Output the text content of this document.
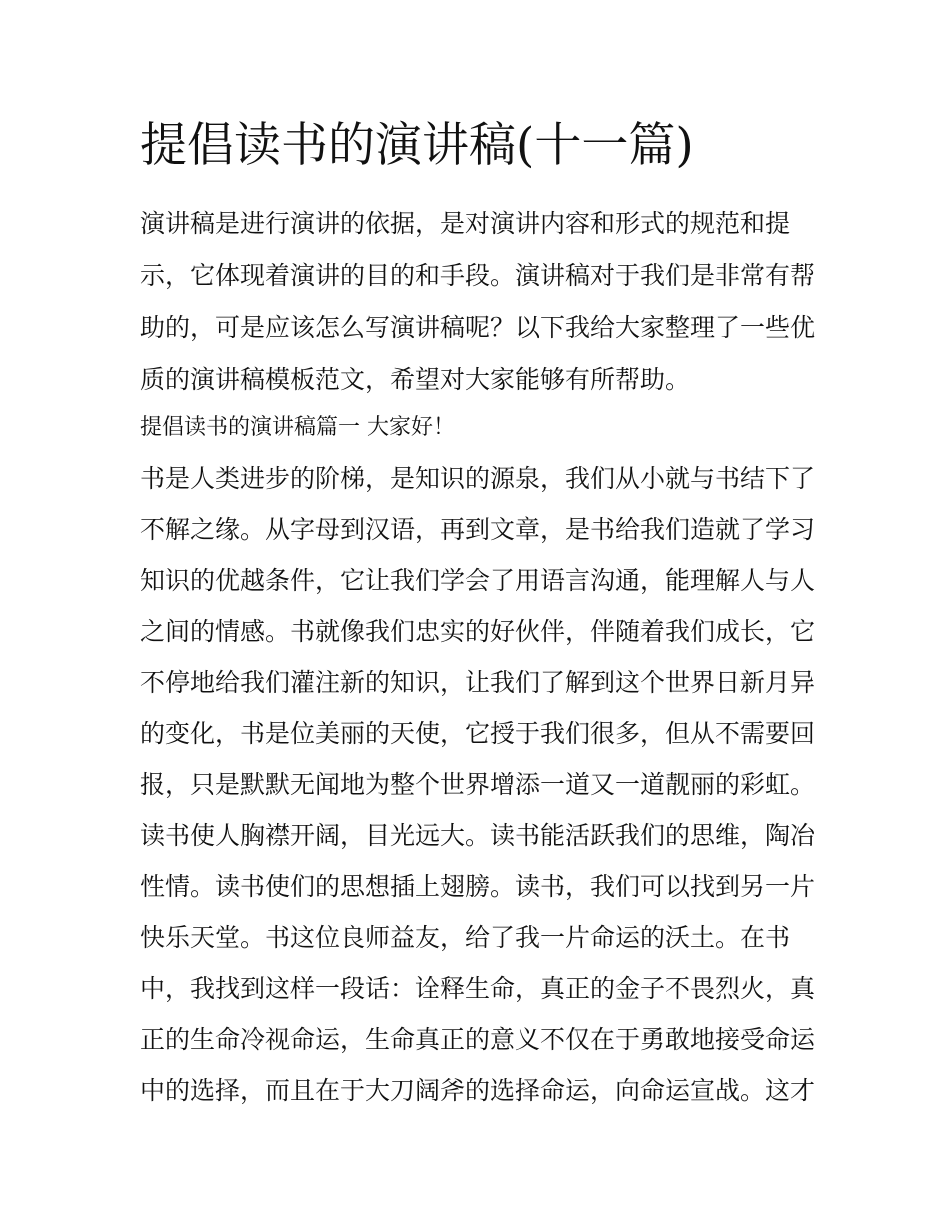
提倡读书的演讲稿(十一篇)

演讲稿是进行演讲的依据，是对演讲内容和形式的规范和提

示，它体现着演讲的目的和手段。演讲稿对于我们是非常有帮

助的，可是应该怎么写演讲稿呢？以下我给大家整理了一些优

质的演讲稿模板范文，希望对大家能够有所帮助。

提倡读书的演讲稿篇一 大家好！

书是人类进步的阶梯，是知识的源泉，我们从小就与书结下了

不解之缘。从字母到汉语，再到文章，是书给我们造就了学习

知识的优越条件，它让我们学会了用语言沟通，能理解人与人

之间的情感。书就像我们忠实的好伙伴，伴随着我们成长，它

不停地给我们灌注新的知识，让我们了解到这个世界日新月异

的变化，书是位美丽的天使，它授于我们很多，但从不需要回

报，只是默默无闻地为整个世界增添一道又一道靓丽的彩虹。

读书使人胸襟开阔，目光远大。读书能活跃我们的思维，陶冶

性情。读书使们的思想插上翅膀。读书，我们可以找到另一片

快乐天堂。书这位良师益友，给了我一片命运的沃土。在书

中，我找到这样一段话：诠释生命，真正的金子不畏烈火，真

正的生命冷视命运，生命真正的意义不仅在于勇敢地接受命运

中的选择，而且在于大刀阔斧的选择命运，向命运宣战。这才
